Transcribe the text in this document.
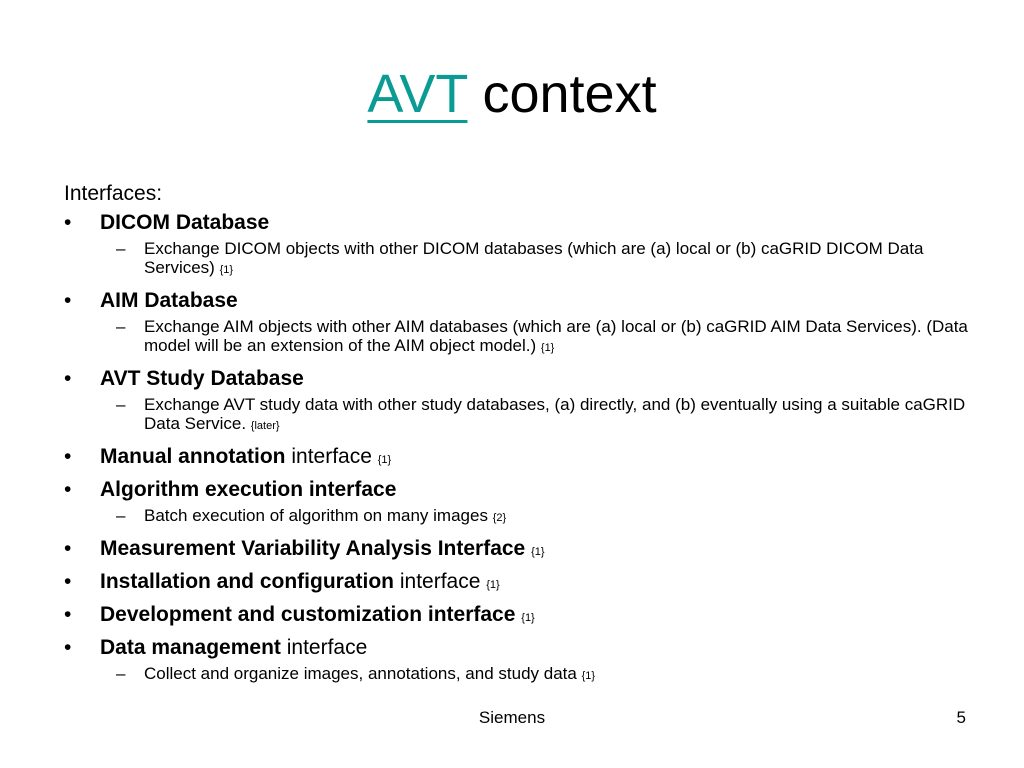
AVT context
Interfaces:
• DICOM Database
– Exchange DICOM objects with other DICOM databases (which are (a) local or (b) caGRID DICOM Data Services) {1}
• AIM Database
– Exchange AIM objects with other AIM databases (which are (a) local or (b) caGRID AIM Data Services). (Data model will be an extension of the AIM object model.) {1}
• AVT Study Database
– Exchange AVT study data with other study databases, (a) directly, and (b) eventually using a suitable caGRID Data Service. {later}
• Manual annotation interface {1}
• Algorithm execution interface
– Batch execution of algorithm on many images {2}
• Measurement Variability Analysis Interface {1}
• Installation and configuration interface {1}
• Development and customization interface {1}
• Data management interface
– Collect and organize images, annotations, and study data {1}
Siemens	5
